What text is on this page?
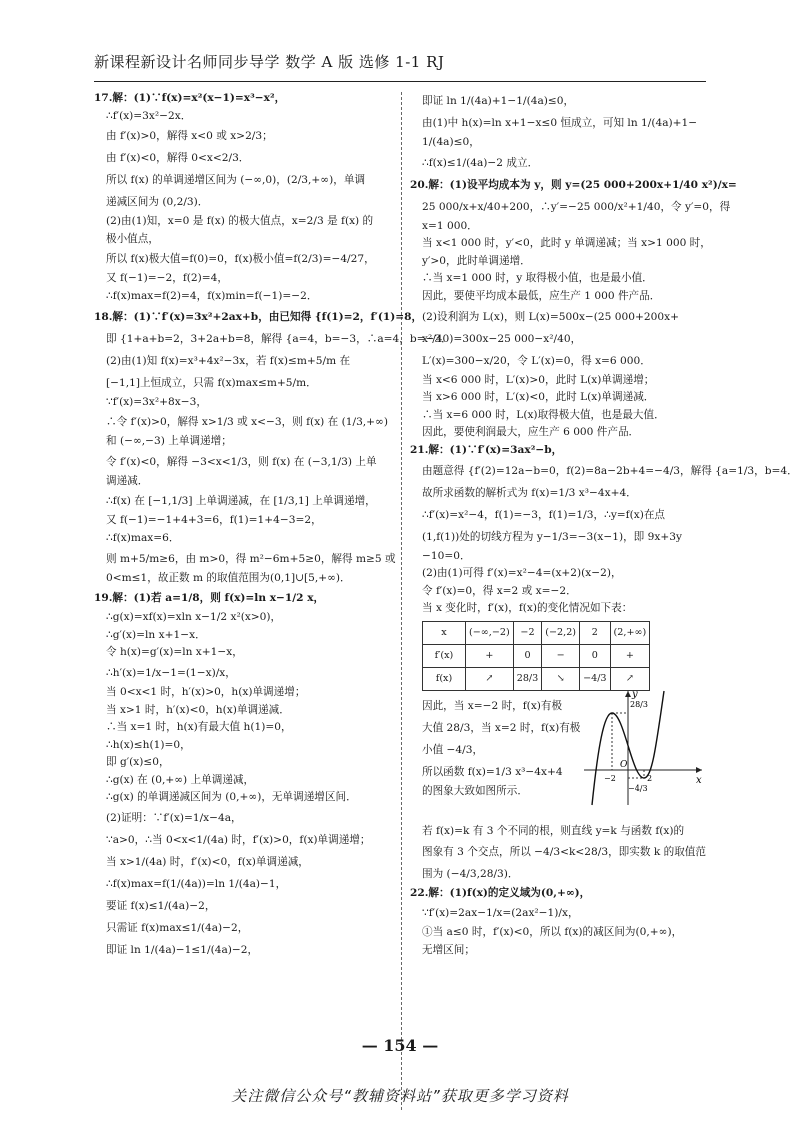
新课程新设计名师同步导学 数学 A 版 选修 1-1 RJ

17.解：(1)∵f(x)=x²(x−1)=x³−x²，

∴f′(x)=3x²−2x．

由 f′(x)>0，解得 x<0 或 x>2/3；

由 f′(x)<0，解得 0<x<2/3．

所以 f(x) 的单调递增区间为 (−∞,0)，(2/3,+∞)，单调

递减区间为 (0,2/3)．

(2)由(1)知，x=0 是 f(x) 的极大值点，x=2/3 是 f(x) 的

极小值点，

所以 f(x)极大值=f(0)=0，f(x)极小值=f(2/3)=−4/27，

又 f(−1)=−2，f(2)=4，

∴f(x)max=f(2)=4，f(x)min=f(−1)=−2．

18.解：(1)∵f′(x)=3x²+2ax+b，由已知得 {f(1)=2，f′(1)=8，

即 {1+a+b=2，3+2a+b=8，解得 {a=4，b=−3，∴a=4，b=−3．

(2)由(1)知 f(x)=x³+4x²−3x，若 f(x)≤m+5/m 在

[−1,1]上恒成立，只需 f(x)max≤m+5/m．

∵f′(x)=3x²+8x−3，

∴令 f′(x)>0，解得 x>1/3 或 x<−3，则 f(x) 在 (1/3,+∞)

和 (−∞,−3) 上单调递增；

令 f′(x)<0，解得 −3<x<1/3，则 f(x) 在 (−3,1/3) 上单

调递减．

∴f(x) 在 [−1,1/3] 上单调递减，在 [1/3,1] 上单调递增，

又 f(−1)=−1+4+3=6，f(1)=1+4−3=2，

∴f(x)max=6．

则 m+5/m≥6，由 m>0，得 m²−6m+5≥0，解得 m≥5 或

0<m≤1，故正数 m 的取值范围为(0,1]∪[5,+∞)．

19.解：(1)若 a=1/8，则 f(x)=ln x−1/2 x，

∴g(x)=xf(x)=xln x−1/2 x²(x>0)，

∴g′(x)=ln x+1−x．

令 h(x)=g′(x)=ln x+1−x，

∴h′(x)=1/x−1=(1−x)/x，

当 0<x<1 时，h′(x)>0，h(x)单调递增；

当 x>1 时，h′(x)<0，h(x)单调递减．

∴当 x=1 时，h(x)有最大值 h(1)=0，

∴h(x)≤h(1)=0，

即 g′(x)≤0，

∴g(x) 在 (0,+∞) 上单调递减，

∴g(x) 的单调递减区间为 (0,+∞)，无单调递增区间．

(2)证明：∵f′(x)=1/x−4a，

∵a>0，∴当 0<x<1/(4a) 时，f′(x)>0，f(x)单调递增；

当 x>1/(4a) 时，f′(x)<0，f(x)单调递减，

∴f(x)max=f(1/(4a))=ln 1/(4a)−1，

要证 f(x)≤1/(4a)−2，

只需证 f(x)max≤1/(4a)−2，

即证 ln 1/(4a)−1≤1/(4a)−2，

即证 ln 1/(4a)+1−1/(4a)≤0，

由(1)中 h(x)=ln x+1−x≤0 恒成立，可知 ln 1/(4a)+1−

1/(4a)≤0，

∴f(x)≤1/(4a)−2 成立．

20.解：(1)设平均成本为 y，则 y=(25 000+200x+1/40 x²)/x=

25 000/x+x/40+200，∴y′=−25 000/x²+1/40，令 y′=0，得

x=1 000．

当 x<1 000 时，y′<0，此时 y 单调递减；当 x>1 000 时，

y′>0，此时单调递增．

∴当 x=1 000 时，y 取得极小值，也是最小值．

因此，要使平均成本最低，应生产 1 000 件产品．

(2)设利润为 L(x)，则 L(x)=500x−(25 000+200x+

x²/40)=300x−25 000−x²/40，

L′(x)=300−x/20，令 L′(x)=0，得 x=6 000．

当 x<6 000 时，L′(x)>0，此时 L(x)单调递增；

当 x>6 000 时，L′(x)<0，此时 L(x)单调递减．

∴当 x=6 000 时，L(x)取得极大值，也是最大值．

因此，要使利润最大，应生产 6 000 件产品．

21.解：(1)∵f′(x)=3ax²−b，

由题意得 {f′(2)=12a−b=0，f(2)=8a−2b+4=−4/3，解得 {a=1/3，b=4．

故所求函数的解析式为 f(x)=1/3 x³−4x+4．

∴f′(x)=x²−4，f(1)=−3，f(1)=1/3，∴y=f(x)在点

(1,f(1))处的切线方程为 y−1/3=−3(x−1)，即 9x+3y

−10=0．

(2)由(1)可得 f′(x)=x²−4=(x+2)(x−2)，

令 f′(x)=0，得 x=2 或 x=−2．

当 x 变化时，f′(x)，f(x)的变化情况如下表：

x	(−∞,−2)	−2	(−2,2)	2	(2,+∞)
f′(x)	+	0	−	0	+
f(x)	↗	28/3	↘	−4/3	↗

因此，当 x=−2 时，f(x)有极

大值 28/3，当 x=2 时，f(x)有极

小值 −4/3，

所以函数 f(x)=1/3 x³−4x+4

的图象大致如图所示．

y
x
O
28/3
−4/3
−2	2

若 f(x)=k 有 3 个不同的根，则直线 y=k 与函数 f(x)的

图象有 3 个交点，所以 −4/3<k<28/3，即实数 k 的取值范

围为 (−4/3,28/3)．

22.解：(1)f(x)的定义域为(0,+∞)，

∵f′(x)=2ax−1/x=(2ax²−1)/x，

①当 a≤0 时，f′(x)<0，所以 f(x)的减区间为(0,+∞)，

无增区间；

— 154 —
关注微信公众号“教辅资料站”获取更多学习资料
